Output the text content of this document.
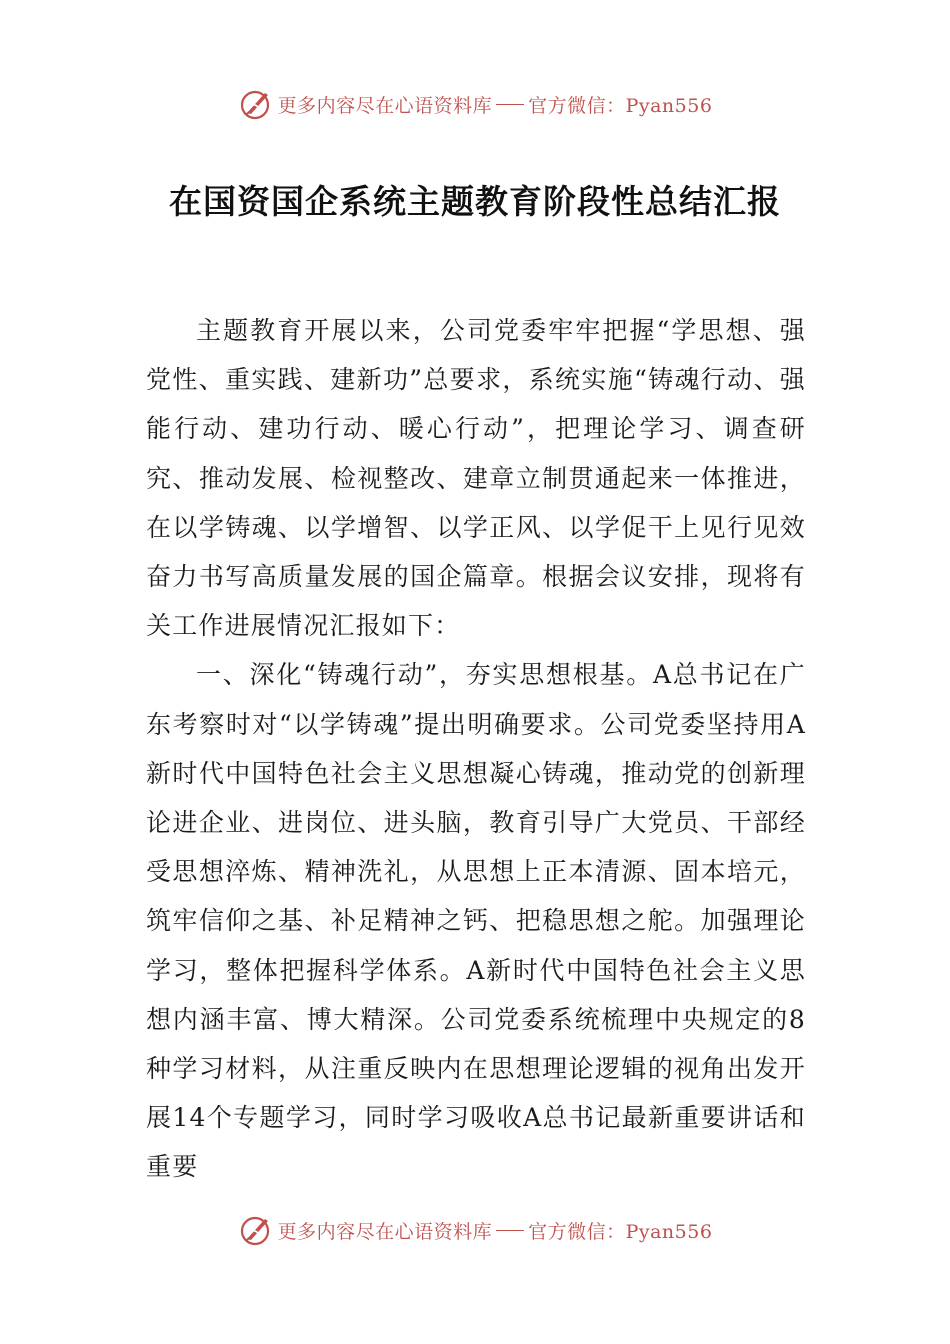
更多内容尽在心语资料库 官方微信：Pyan556
在国资国企系统主题教育阶段性总结汇报

主题教育开展以来，公司党委牢牢把握“学思想、强党性、重实践、建新功”总要求，系统实施“铸魂行动、强能行动、建功行动、暖心行动”，把理论学习、调查研究、推动发展、检视整改、建章立制贯通起来一体推进，在以学铸魂、以学增智、以学正风、以学促干上见行见效奋力书写高质量发展的国企篇章。根据会议安排，现将有关工作进展情况汇报如下：

一、深化“铸魂行动”，夯实思想根基。A总书记在广东考察时对“以学铸魂”提出明确要求。公司党委坚持用A新时代中国特色社会主义思想凝心铸魂，推动党的创新理论进企业、进岗位、进头脑，教育引导广大党员、干部经受思想淬炼、精神洗礼，从思想上正本清源、固本培元，筑牢信仰之基、补足精神之钙、把稳思想之舵。加强理论学习，整体把握科学体系。A新时代中国特色社会主义思想内涵丰富、博大精深。公司党委系统梳理中央规定的8种学习材料，从注重反映内在思想理论逻辑的视角出发开展14个专题学习，同时学习吸收A总书记最新重要讲话和重要

更多内容尽在心语资料库 官方微信：Pyan556
